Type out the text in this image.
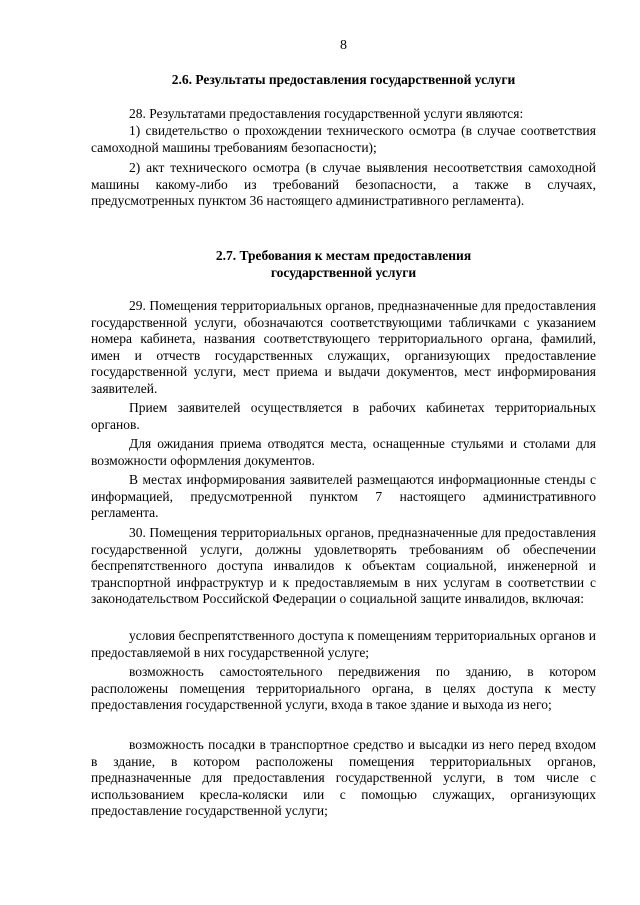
8
2.6. Результаты предоставления государственной услуги

28. Результатами предоставления государственной услуги являются:

1) свидетельство о прохождении технического осмотра (в случае соответствия самоходной машины требованиям безопасности);

2) акт технического осмотра (в случае выявления несоответствия самоходной машины какому-либо из требований безопасности, а также в случаях, предусмотренных пунктом 36 настоящего административного регламента).

2.7. Требования к местам предоставления
государственной услуги

29. Помещения территориальных органов, предназначенные для предоставления государственной услуги, обозначаются соответствующими табличками с указанием номера кабинета, названия соответствующего территориального органа, фамилий, имен и отчеств государственных служащих, организующих предоставление государственной услуги, мест приема и выдачи документов, мест информирования заявителей.

Прием заявителей осуществляется в рабочих кабинетах территориальных органов.

Для ожидания приема отводятся места, оснащенные стульями и столами для возможности оформления документов.

В местах информирования заявителей размещаются информационные стенды с информацией, предусмотренной пунктом 7 настоящего административного регламента.

30. Помещения территориальных органов, предназначенные для предоставления государственной услуги, должны удовлетворять требованиям об обеспечении беспрепятственного доступа инвалидов к объектам социальной, инженерной и транспортной инфраструктур и к предоставляемым в них услугам в соответствии с законодательством Российской Федерации о социальной защите инвалидов, включая:

условия беспрепятственного доступа к помещениям территориальных органов и предоставляемой в них государственной услуге;

возможность самостоятельного передвижения по зданию, в котором расположены помещения территориального органа, в целях доступа к месту предоставления государственной услуги, входа в такое здание и выхода из него;

возможность посадки в транспортное средство и высадки из него перед входом в здание, в котором расположены помещения территориальных органов, предназначенные для предоставления государственной услуги, в том числе с использованием кресла-коляски или с помощью служащих, организующих предоставление государственной услуги;
